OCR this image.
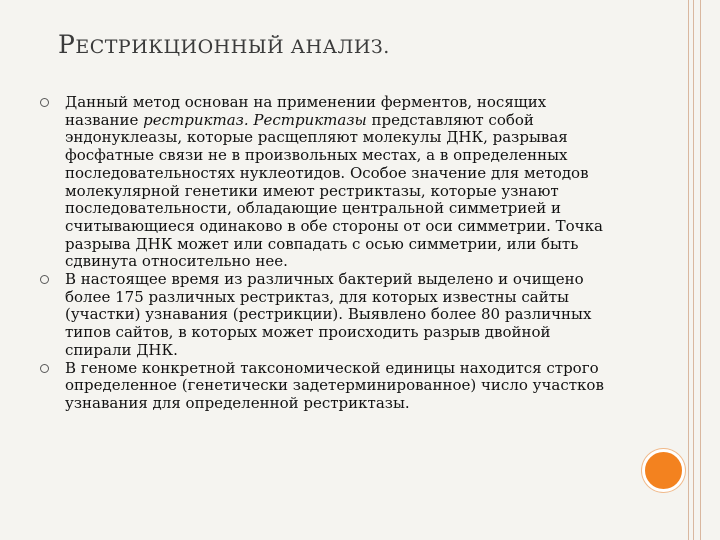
РЕСТРИКЦИОННЫЙ АНАЛИЗ.
Данный метод основан на применении ферментов, носящих название рестриктаз. Рестриктазы представляют собой эндонуклеазы, которые расщепляют молекулы ДНК, разрывая фосфатные связи не в произвольных местах, а в определенных последовательностях нуклеотидов. Особое значение для методов молекулярной генетики имеют рестриктазы, которые узнают последовательности, обладающие центральной симметрией и считывающиеся одинаково в обе стороны от оси симметрии. Точка разрыва ДНК может или совпадать с осью симметрии, или быть сдвинута относительно нее.
В настоящее время из различных бактерий выделено и очищено более 175 различных рестриктаз, для которых известны сайты (участки) узнавания (рестрикции). Выявлено более 80 различных типов сайтов, в которых может происходить разрыв двойной спирали ДНК.
В геноме конкретной таксономической единицы находится строго определенное (генетически задетерминированное) число участков узнавания для определенной рестриктазы.
